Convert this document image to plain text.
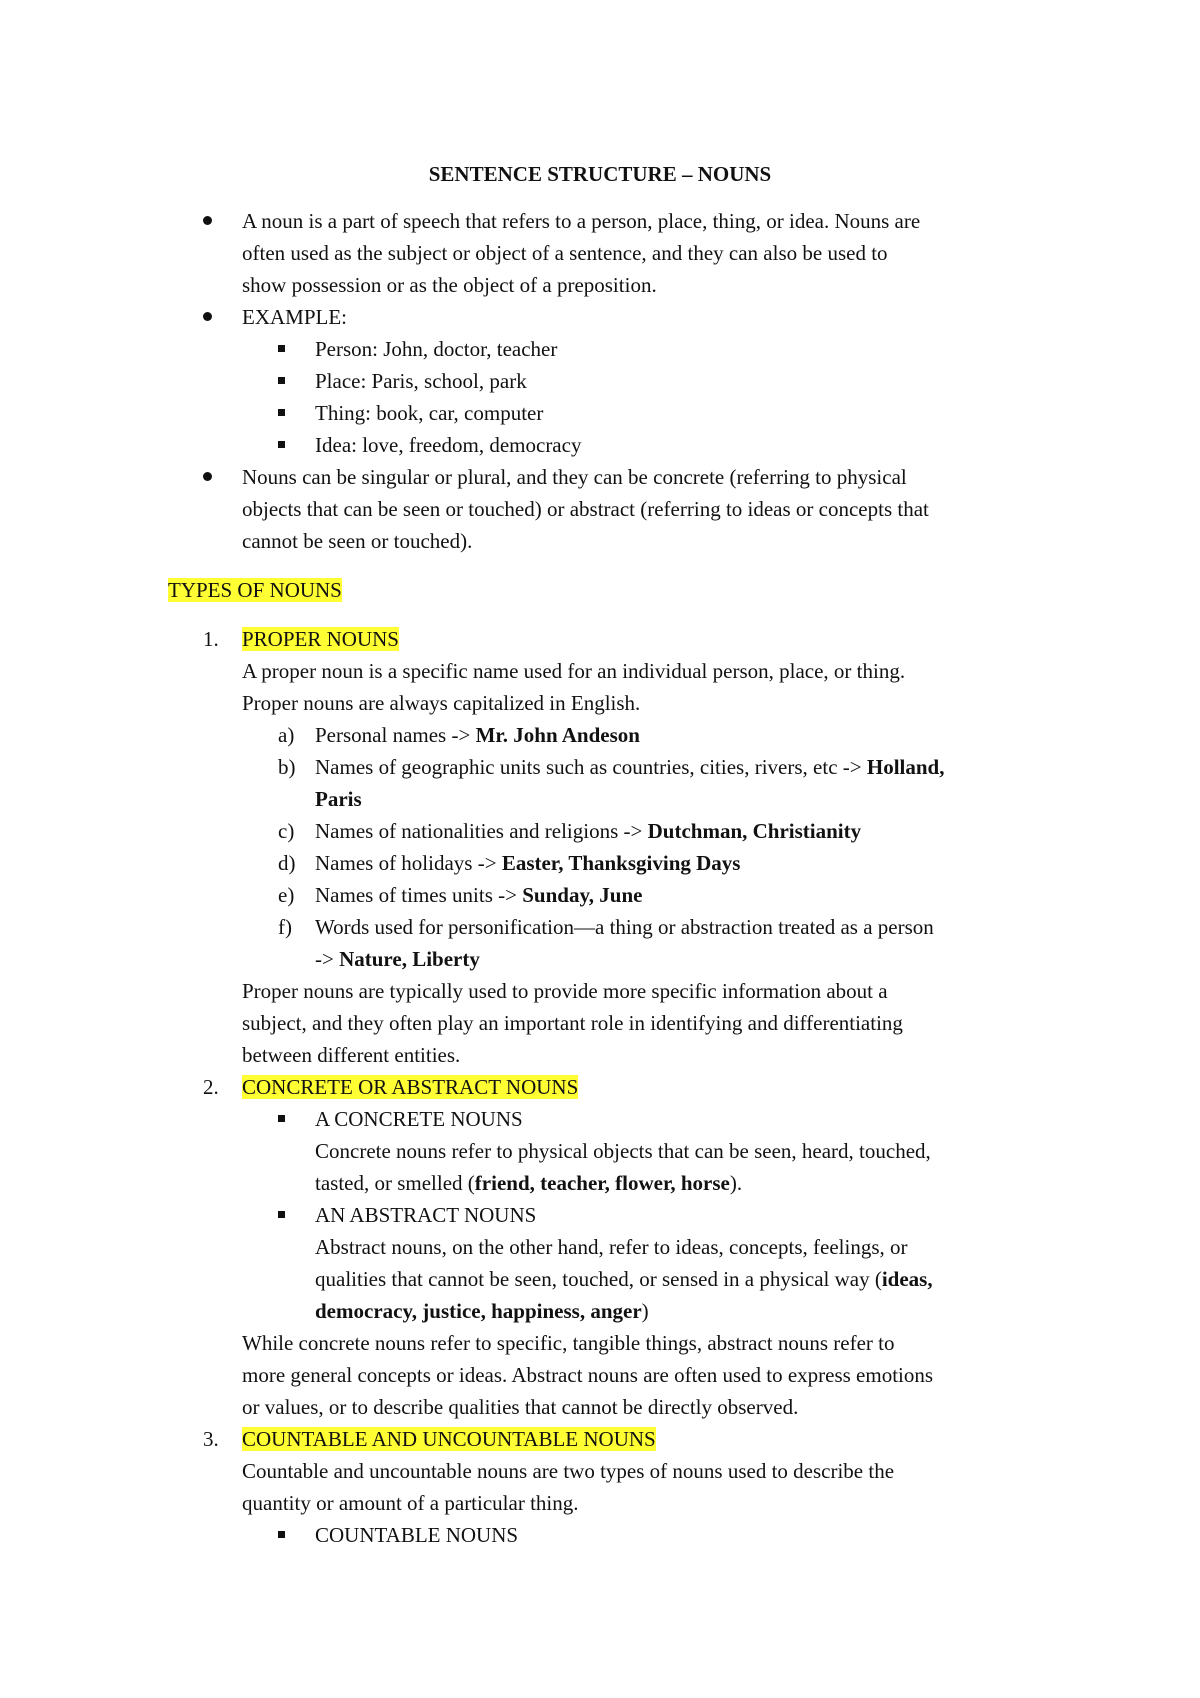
SENTENCE STRUCTURE – NOUNS
A noun is a part of speech that refers to a person, place, thing, or idea. Nouns are
often used as the subject or object of a sentence, and they can also be used to
show possession or as the object of a preposition.
EXAMPLE:
Person: John, doctor, teacher
Place: Paris, school, park
Thing: book, car, computer
Idea: love, freedom, democracy
Nouns can be singular or plural, and they can be concrete (referring to physical
objects that can be seen or touched) or abstract (referring to ideas or concepts that
cannot be seen or touched).
TYPES OF NOUNS
1. PROPER NOUNS
A proper noun is a specific name used for an individual person, place, or thing.
Proper nouns are always capitalized in English.
a) Personal names -> Mr. John Andeson
b) Names of geographic units such as countries, cities, rivers, etc -> Holland,
Paris
c) Names of nationalities and religions -> Dutchman, Christianity
d) Names of holidays -> Easter, Thanksgiving Days
e) Names of times units -> Sunday, June
f) Words used for personification—a thing or abstraction treated as a person
-> Nature, Liberty
Proper nouns are typically used to provide more specific information about a
subject, and they often play an important role in identifying and differentiating
between different entities.
2. CONCRETE OR ABSTRACT NOUNS
A CONCRETE NOUNS
Concrete nouns refer to physical objects that can be seen, heard, touched,
tasted, or smelled (friend, teacher, flower, horse).
AN ABSTRACT NOUNS
Abstract nouns, on the other hand, refer to ideas, concepts, feelings, or
qualities that cannot be seen, touched, or sensed in a physical way (ideas,
democracy, justice, happiness, anger)
While concrete nouns refer to specific, tangible things, abstract nouns refer to
more general concepts or ideas. Abstract nouns are often used to express emotions
or values, or to describe qualities that cannot be directly observed.
3. COUNTABLE AND UNCOUNTABLE NOUNS
Countable and uncountable nouns are two types of nouns used to describe the
quantity or amount of a particular thing.
COUNTABLE NOUNS
